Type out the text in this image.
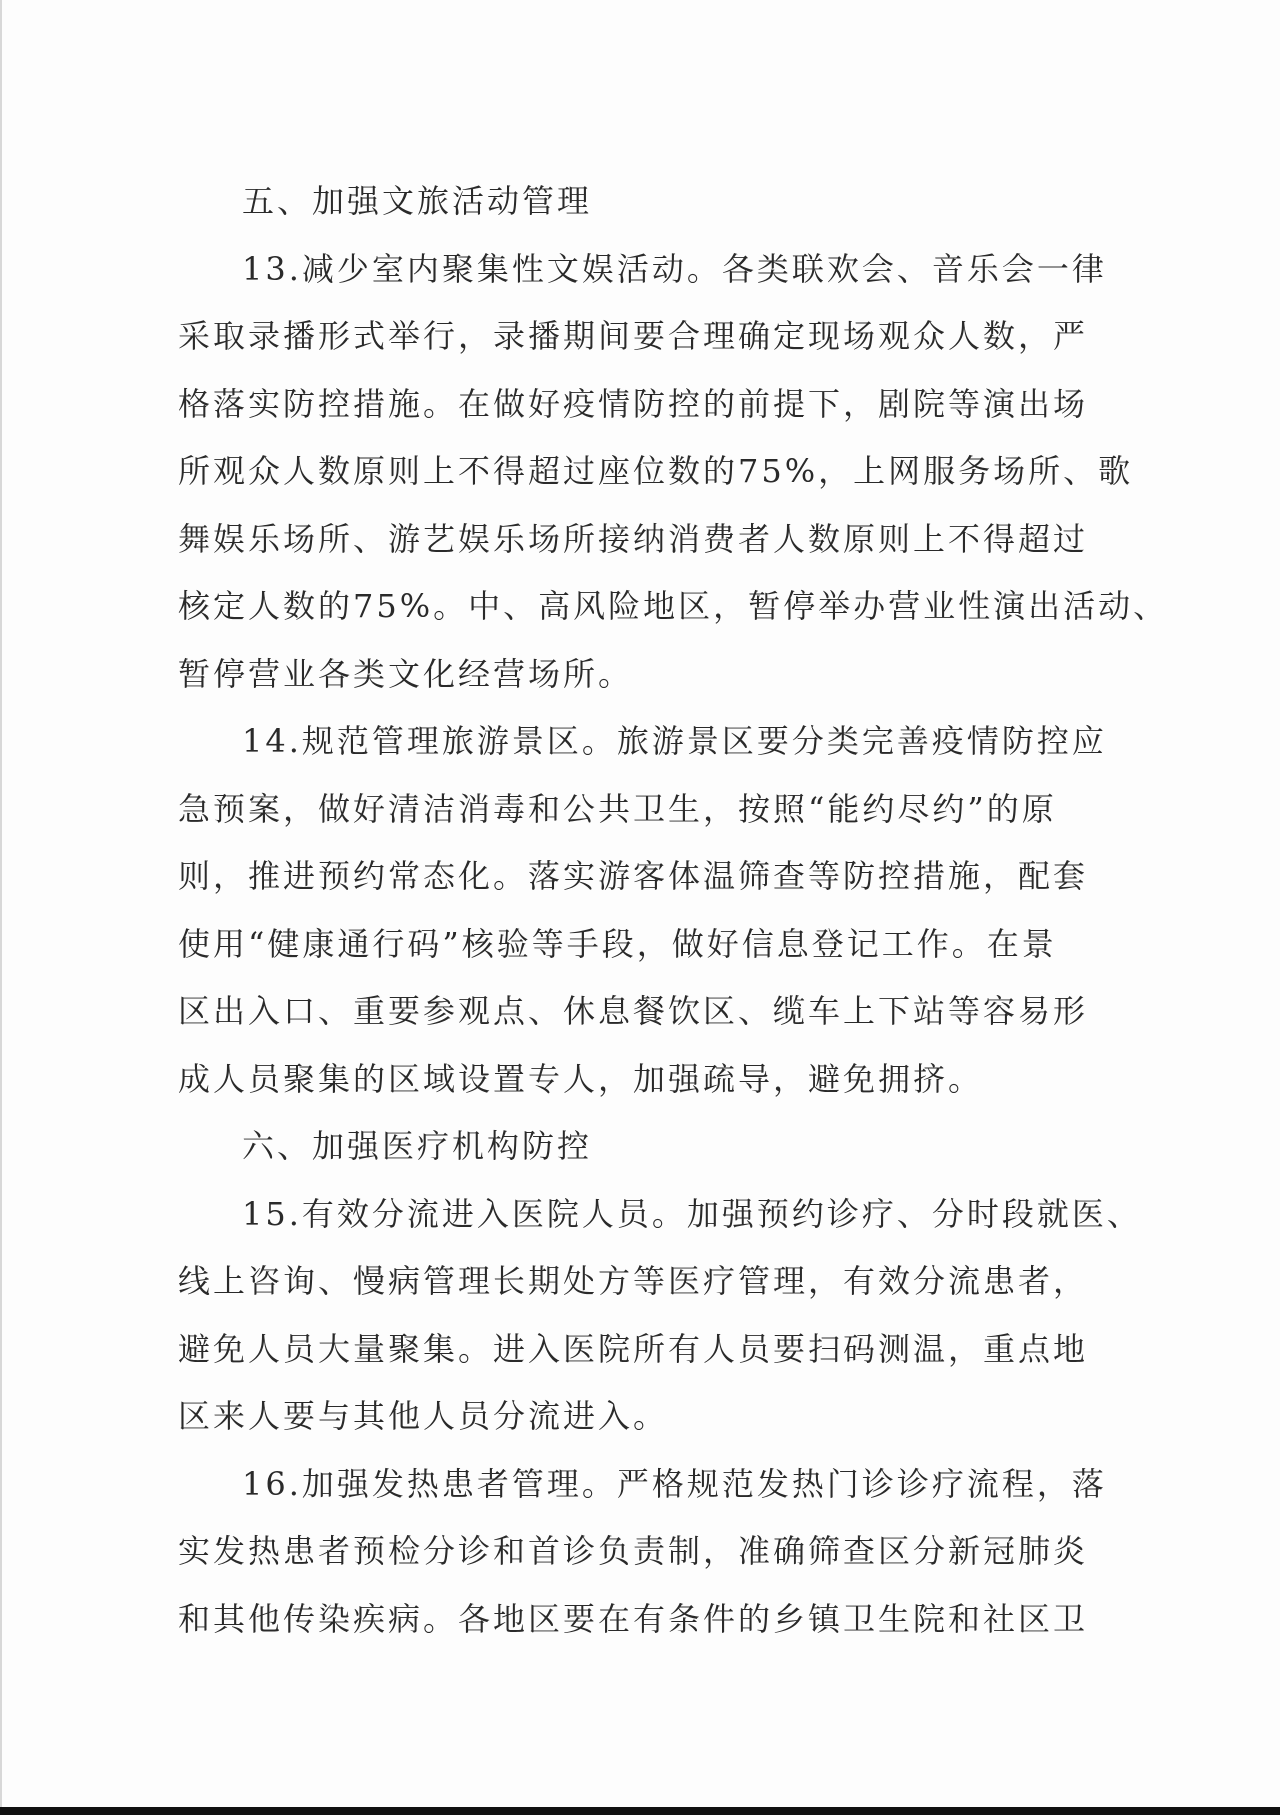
五、加强文旅活动管理
13.减少室内聚集性文娱活动。各类联欢会、音乐会一律
采取录播形式举行，录播期间要合理确定现场观众人数，严
格落实防控措施。在做好疫情防控的前提下，剧院等演出场
所观众人数原则上不得超过座位数的75%，上网服务场所、歌
舞娱乐场所、游艺娱乐场所接纳消费者人数原则上不得超过
核定人数的75%。中、高风险地区，暂停举办营业性演出活动、
暂停营业各类文化经营场所。
14.规范管理旅游景区。旅游景区要分类完善疫情防控应
急预案，做好清洁消毒和公共卫生，按照“能约尽约”的原
则，推进预约常态化。落实游客体温筛查等防控措施，配套
使用“健康通行码”核验等手段，做好信息登记工作。在景
区出入口、重要参观点、休息餐饮区、缆车上下站等容易形
成人员聚集的区域设置专人，加强疏导，避免拥挤。
六、加强医疗机构防控
15.有效分流进入医院人员。加强预约诊疗、分时段就医、
线上咨询、慢病管理长期处方等医疗管理，有效分流患者，
避免人员大量聚集。进入医院所有人员要扫码测温，重点地
区来人要与其他人员分流进入。
16.加强发热患者管理。严格规范发热门诊诊疗流程，落
实发热患者预检分诊和首诊负责制，准确筛查区分新冠肺炎
和其他传染疾病。各地区要在有条件的乡镇卫生院和社区卫
